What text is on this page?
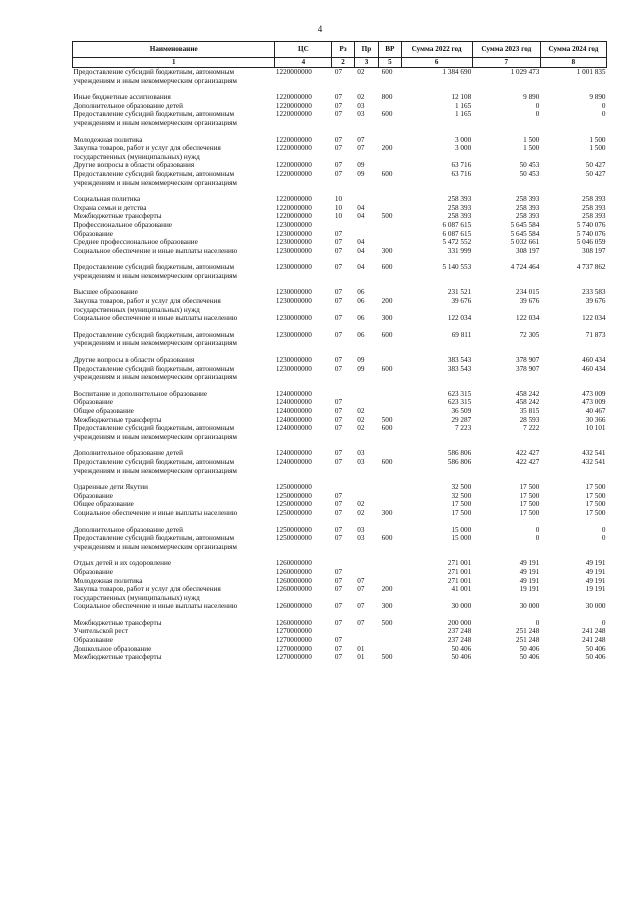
4
Наименование	ЦС	Рз	Пр	ВР	Сумма 2022 год	Сумма 2023 год	Сумма 2024 год
1	4	2	3	5	6	7	8
Предоставление субсидий бюджетным, автономным учреждениям и иным некоммерческим организациям	1220000000	07	02	600	1 384 690	1 029 473	1 001 835

Иные бюджетные ассигнования	1220000000	07	02	800	12 108	9 890	9 890
Дополнительное образование детей	1220000000	07	03		1 165	0	0
Предоставление субсидий бюджетным, автономным учреждениям и иным некоммерческим организациям	1220000000	07	03	600	1 165	0	0

Молодежная политика	1220000000	07	07		3 000	1 500	1 500
Закупка товаров, работ и услуг для обеспечения государственных (муниципальных) нужд	1220000000	07	07	200	3 000	1 500	1 500
Другие вопросы в области образования	1220000000	07	09		63 716	50 453	50 427
Предоставление субсидий бюджетным, автономным учреждениям и иным некоммерческим организациям	1220000000	07	09	600	63 716	50 453	50 427

Социальная политика	1220000000	10			258 393	258 393	258 393
Охрана семьи и детства	1220000000	10	04		258 393	258 393	258 393
Межбюджетные трансферты	1220000000	10	04	500	258 393	258 393	258 393
Профессиональное образование	1230000000				6 087 615	5 645 584	5 740 076
Образование	1230000000	07			6 087 615	5 645 584	5 740 076
Среднее профессиональное образование	1230000000	07	04		5 472 552	5 032 661	5 046 059
Социальное обеспечение и иные выплаты населению	1230000000	07	04	300	331 999	308 197	308 197

Предоставление субсидий бюджетным, автономным учреждениям и иным некоммерческим организациям	1230000000	07	04	600	5 140 553	4 724 464	4 737 862

Высшее образование	1230000000	07	06		231 521	234 015	233 583
Закупка товаров, работ и услуг для обеспечения государственных (муниципальных) нужд	1230000000	07	06	200	39 676	39 676	39 676
Социальное обеспечение и иные выплаты населению	1230000000	07	06	300	122 034	122 034	122 034

Предоставление субсидий бюджетным, автономным учреждениям и иным некоммерческим организациям	1230000000	07	06	600	69 811	72 305	71 873

Другие вопросы в области образования	1230000000	07	09		383 543	378 907	460 434
Предоставление субсидий бюджетным, автономным учреждениям и иным некоммерческим организациям	1230000000	07	09	600	383 543	378 907	460 434

Воспитание и дополнительное образование	1240000000				623 315	458 242	473 009
Образование	1240000000	07			623 315	458 242	473 009
Общее образование	1240000000	07	02		36 509	35 815	40 467
Межбюджетные трансферты	1240000000	07	02	500	29 287	28 593	30 366
Предоставление субсидий бюджетным, автономным учреждениям и иным некоммерческим организациям	1240000000	07	02	600	7 223	7 222	10 101

Дополнительное образование детей	1240000000	07	03		586 806	422 427	432 541
Предоставление субсидий бюджетным, автономным учреждениям и иным некоммерческим организациям	1240000000	07	03	600	586 806	422 427	432 541

Одаренные дети Якутии	1250000000				32 500	17 500	17 500
Образование	1250000000	07			32 500	17 500	17 500
Общее образование	1250000000	07	02		17 500	17 500	17 500
Социальное обеспечение и иные выплаты населению	1250000000	07	02	300	17 500	17 500	17 500

Дополнительное образование детей	1250000000	07	03		15 000	0	0
Предоставление субсидий бюджетным, автономным учреждениям и иным некоммерческим организациям	1250000000	07	03	600	15 000	0	0

Отдых детей и их оздоровление	1260000000				271 001	49 191	49 191
Образование	1260000000	07			271 001	49 191	49 191
Молодежная политика	1260000000	07	07		271 001	49 191	49 191
Закупка товаров, работ и услуг для обеспечения государственных (муниципальных) нужд	1260000000	07	07	200	41 001	19 191	19 191
Социальное обеспечение и иные выплаты населению	1260000000	07	07	300	30 000	30 000	30 000

Межбюджетные трансферты	1260000000	07	07	500	200 000	0	0
Учительской рест	1270000000				237 248	251 248	241 248
Образование	1270000000	07			237 248	251 248	241 248
Дошкольное образование	1270000000	07	01		50 406	50 406	50 406
Межбюджетные трансферты	1270000000	07	01	500	50 406	50 406	50 406
